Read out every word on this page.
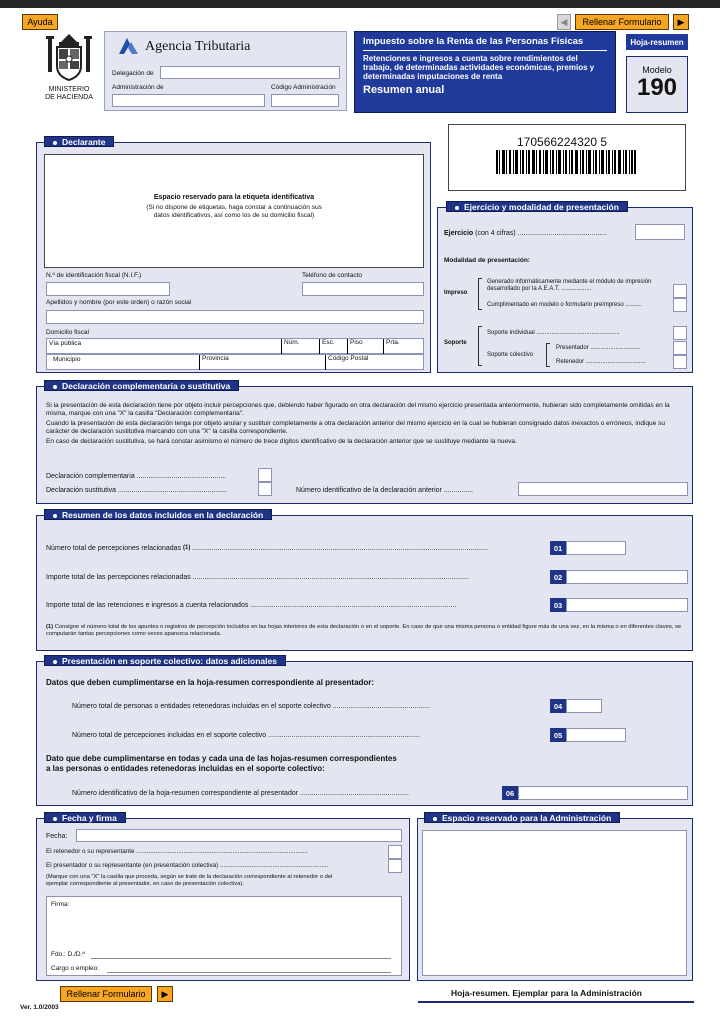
Ayuda	◀	Rellenar Formulario	▶
MINISTERIO
DE HACIENDA
Agencia Tributaria
Delegación de
Administración de	Código Administración
Impuesto sobre la Renta de las Personas Físicas
Retenciones e ingresos a cuenta sobre rendimientos del trabajo, de determinadas actividades económicas, premios y determinadas imputaciones de renta
Resumen anual
Hoja-resumen
Modelo
190
170566224320 5
Declarante
Espacio reservado para la etiqueta identificativa
(Si no dispone de etiquetas, haga constar a continuación sus datos identificativos, así como los de su domicilio fiscal)
N.º de identificación fiscal (N.I.F.)	Teléfono de contacto
Apellidos y nombre (por este orden) o razón social
Domicilio fiscal
Vía pública	Núm.	Esc.	Piso	Prta.
Municipio	Provincia	Código Postal
Ejercicio y modalidad de presentación
Ejercicio (con 4 cifras) ..............................................
Modalidad de presentación:
Impreso
Generado informáticamente mediante el módulo de impresión desarrollado por la A.E.A.T. ..................
Cumplimentado en modelo o formulario preimpreso ..........
Soporte
Soporte individual ..................................................
Soporte colectivo
Presentador ..............................
Retenedor ....................................
Declaración complementaria o sustitutiva

Si la presentación de esta declaración tiene por objeto incluir percepciones que, debiendo haber figurado en otra declaración del mismo ejercicio presentada anteriormente, hubieran sido completamente omitidas en la misma, marque con una "X" la casilla "Declaración complementaria".

Cuando la presentación de esta declaración tenga por objeto anular y sustituir completamente a otra declaración anterior del mismo ejercicio en la cual se hubieran consignado datos inexactos o erróneos, indique su carácter de declaración sustitutiva marcando con una "X" la casilla correspondiente.

En caso de declaración sustitutiva, se hará constar asimismo el número de trece dígitos identificativo de la declaración anterior que se sustituye mediante la nueva.

Declaración complementaria ..............................................
Declaración sustitutiva ........................................................	Número identificativo de la declaración anterior ...............
Resumen de los datos incluidos en la declaración
Número total de percepciones relacionadas (1) ........................................................................................................................................................	01
Importe total de las percepciones relacionadas ..............................................................................................................................................	02
Importe total de las retenciones e ingresos a cuenta relacionados ..........................................................................................................	03
(1) Consigne el número total de los apuntes o registros de percepción incluidos en las hojas interiores de esta declaración o en el soporte. En caso de que una misma persona o entidad figure más de una vez, en la misma o en diferentes claves, se computarán tantas percepciones como veces aparezca relacionada.
Presentación en soporte colectivo: datos adicionales
Datos que deben cumplimentarse en la hoja-resumen correspondiente al presentador:
Número total de personas o entidades retenedoras incluidas en el soporte colectivo ..................................................	04
Número total de percepciones incluidas en el soporte colectivo ..............................................................................	05
Dato que debe cumplimentarse en todas y cada una de las hojas-resumen correspondientes
a las personas o entidades retenedoras incluidas en el soporte colectivo:
Número identificativo de la hoja-resumen correspondiente al presentador ........................................................	06
Fecha y firma
Fecha:
El retenedor o su representante ..................................................................................................
El presentador o su representante (en presentación colectiva) ..............................................................
(Marque con una "X" la casilla que proceda, según se trate de la declaración correspondiente al retenedor o del ejemplar correspondiente al presentador, en caso de presentación colectiva).
Firma:
Fdo.: D./D.ª
Cargo o empleo:
Espacio reservado para la Administración
Rellenar Formulario	▶
Ver. 1.0/2003
Hoja-resumen. Ejemplar para la Administración
